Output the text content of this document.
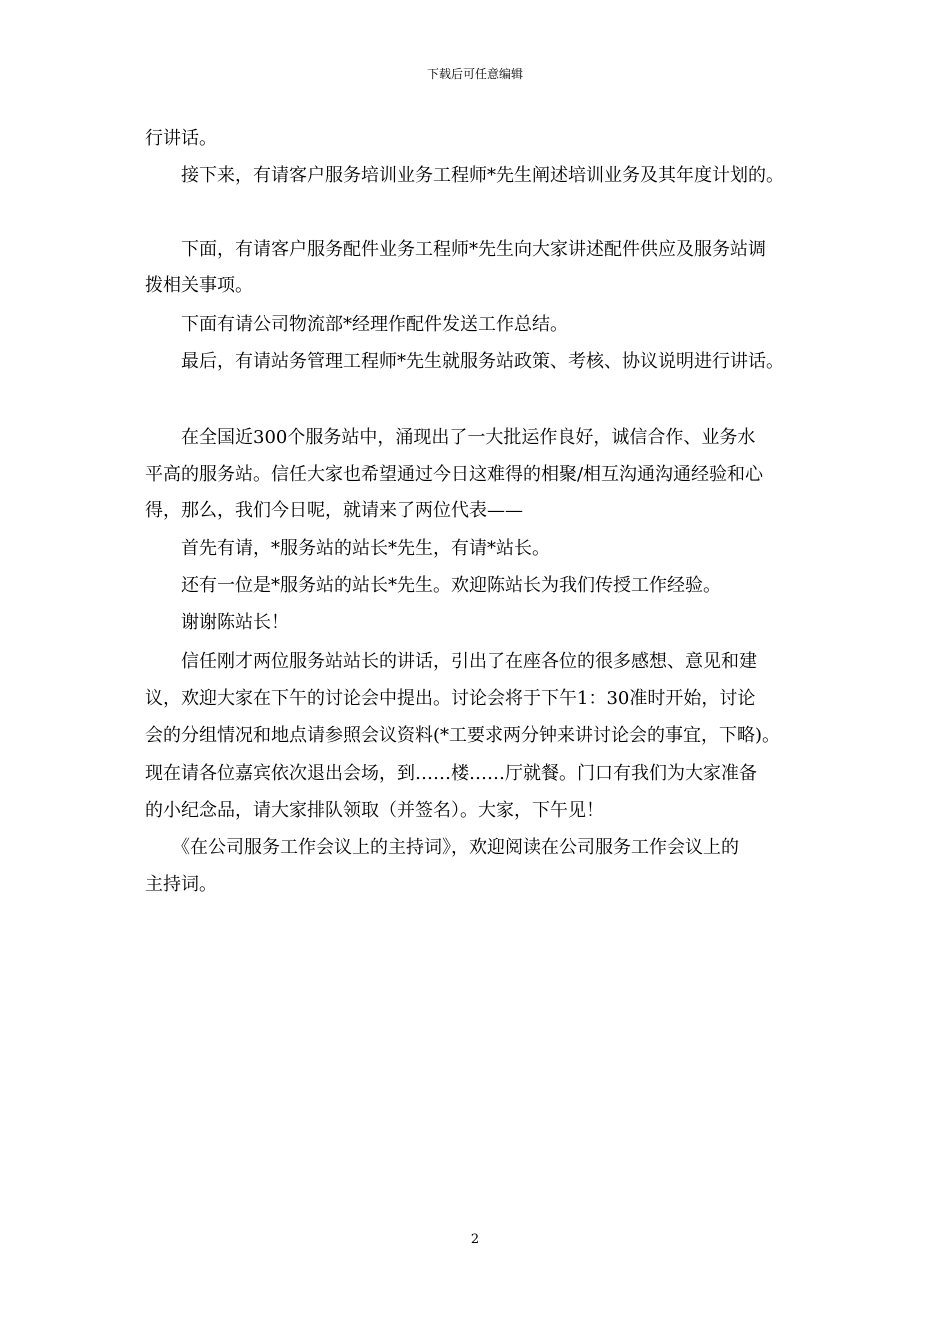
下载后可任意编辑
行讲话。
　　接下来，有请客户服务培训业务工程师*先生阐述培训业务及其年度计划的。
　　下面，有请客户服务配件业务工程师*先生向大家讲述配件供应及服务站调
拨相关事项。
　　下面有请公司物流部*经理作配件发送工作总结。
　　最后，有请站务管理工程师*先生就服务站政策、考核、协议说明进行讲话。
　　在全国近300个服务站中，涌现出了一大批运作良好，诚信合作、业务水
平高的服务站。信任大家也希望通过今日这难得的相聚/相互沟通沟通经验和心
得，那么，我们今日呢，就请来了两位代表——
　　首先有请，*服务站的站长*先生，有请*站长。
　　还有一位是*服务站的站长*先生。欢迎陈站长为我们传授工作经验。
　　谢谢陈站长！
　　信任刚才两位服务站站长的讲话，引出了在座各位的很多感想、意见和建
议，欢迎大家在下午的讨论会中提出。讨论会将于下午1：30准时开始，讨论
会的分组情况和地点请参照会议资料(*工要求两分钟来讲讨论会的事宜，下略)。
现在请各位嘉宾依次退出会场，到……楼……厅就餐。门口有我们为大家准备
的小纪念品，请大家排队领取（并签名）。大家，下午见！
　　《在公司服务工作会议上的主持词》，欢迎阅读在公司服务工作会议上的
主持词。
2
